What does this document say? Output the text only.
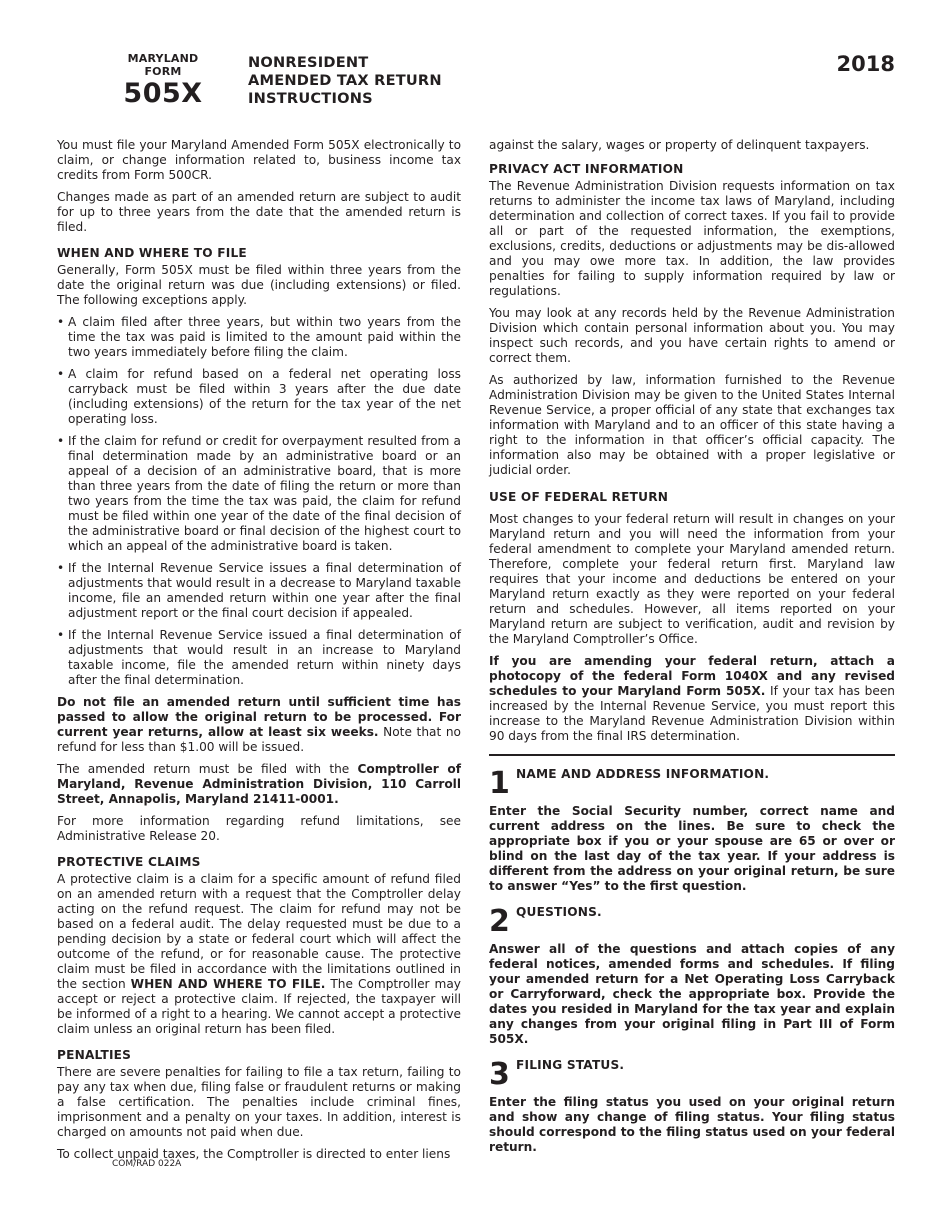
MARYLAND
FORM
505X
NONRESIDENT
AMENDED TAX RETURN
INSTRUCTIONS
2018

You must file your Maryland Amended Form 505X electronically to claim, or change information related to, business income tax credits from Form 500CR.

Changes made as part of an amended return are subject to audit for up to three years from the date that the amended return is filed.

WHEN AND WHERE TO FILE

Generally, Form 505X must be filed within three years from the date the original return was due (including extensions) or filed. The following exceptions apply.

• A claim filed after three years, but within two years from the time the tax was paid is limited to the amount paid within the two years immediately before filing the claim.
• A claim for refund based on a federal net operating loss carryback must be filed within 3 years after the due date (including extensions) of the return for the tax year of the net operating loss.
• If the claim for refund or credit for overpayment resulted from a final determination made by an administrative board or an appeal of a decision of an administrative board, that is more than three years from the date of filing the return or more than two years from the time the tax was paid, the claim for refund must be filed within one year of the date of the final decision of the administrative board or final decision of the highest court to which an appeal of the administrative board is taken.
• If the Internal Revenue Service issues a final determination of adjustments that would result in a decrease to Maryland taxable income, file an amended return within one year after the final adjustment report or the final court decision if appealed.
• If the Internal Revenue Service issued a final determination of adjustments that would result in an increase to Maryland taxable income, file the amended return within ninety days after the final determination.

Do not file an amended return until sufficient time has passed to allow the original return to be processed. For current year returns, allow at least six weeks. Note that no refund for less than $1.00 will be issued.

The amended return must be filed with the Comptroller of Maryland, Revenue Administration Division, 110 Carroll Street, Annapolis, Maryland 21411-0001.

For more information regarding refund limitations, see Administrative Release 20.

PROTECTIVE CLAIMS

A protective claim is a claim for a specific amount of refund filed on an amended return with a request that the Comptroller delay acting on the refund request. The claim for refund may not be based on a federal audit. The delay requested must be due to a pending decision by a state or federal court which will affect the outcome of the refund, or for reasonable cause. The protective claim must be filed in accordance with the limitations outlined in the section WHEN AND WHERE TO FILE. The Comptroller may accept or reject a protective claim. If rejected, the taxpayer will be informed of a right to a hearing. We cannot accept a protective claim unless an original return has been filed.

PENALTIES

There are severe penalties for failing to file a tax return, failing to pay any tax when due, filing false or fraudulent returns or making a false certification. The penalties include criminal fines, imprisonment and a penalty on your taxes. In addition, interest is charged on amounts not paid when due.

To collect unpaid taxes, the Comptroller is directed to enter liens

against the salary, wages or property of delinquent taxpayers.

PRIVACY ACT INFORMATION

The Revenue Administration Division requests information on tax returns to administer the income tax laws of Maryland, including determination and collection of correct taxes. If you fail to provide all or part of the requested information, the exemptions, exclusions, credits, deductions or adjustments may be dis-allowed and you may owe more tax. In addition, the law provides penalties for failing to supply information required by law or regulations.

You may look at any records held by the Revenue Administration Division which contain personal information about you. You may inspect such records, and you have certain rights to amend or correct them.

As authorized by law, information furnished to the Revenue Administration Division may be given to the United States Internal Revenue Service, a proper official of any state that exchanges tax information with Maryland and to an officer of this state having a right to the information in that officer’s official capacity. The information also may be obtained with a proper legislative or judicial order.

USE OF FEDERAL RETURN

Most changes to your federal return will result in changes on your Maryland return and you will need the information from your federal amendment to complete your Maryland amended return. Therefore, complete your federal return first. Maryland law requires that your income and deductions be entered on your Maryland return exactly as they were reported on your federal return and schedules. However, all items reported on your Maryland return are subject to verification, audit and revision by the Maryland Comptroller’s Office.

If you are amending your federal return, attach a photocopy of the federal Form 1040X and any revised schedules to your Maryland Form 505X. If your tax has been increased by the Internal Revenue Service, you must report this increase to the Maryland Revenue Administration Division within 90 days from the final IRS determination.

1 NAME AND ADDRESS INFORMATION.

Enter the Social Security number, correct name and current address on the lines. Be sure to check the appropriate box if you or your spouse are 65 or over or blind on the last day of the tax year. If your address is different from the address on your original return, be sure to answer “Yes” to the first question.

2 QUESTIONS.

Answer all of the questions and attach copies of any federal notices, amended forms and schedules. If filing your amended return for a Net Operating Loss Carryback or Carryforward, check the appropriate box. Provide the dates you resided in Maryland for the tax year and explain any changes from your original filing in Part III of Form 505X.

3 FILING STATUS.

Enter the filing status you used on your original return and show any change of filing status. Your filing status should correspond to the filing status used on your federal return.

COM/RAD 022A
